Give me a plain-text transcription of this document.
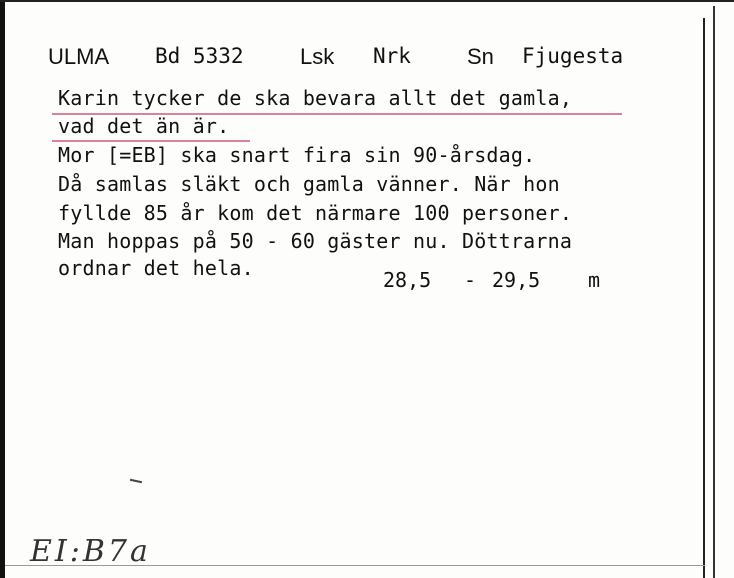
ULMA Bd 5332	Lsk Nrk	Sn Fjugesta
Karin tycker de ska bevara allt det gamla,
vad det än är.
Mor [=EB] ska snart fira sin 90-årsdag.
Då samlas släkt och gamla vänner. När hon
fyllde 85 år kom det närmare 100 personer.
Man hoppas på 50 - 60 gäster nu. Döttrarna
ordnar det hela.	28,5 - 29,5 m
EI:B7a
